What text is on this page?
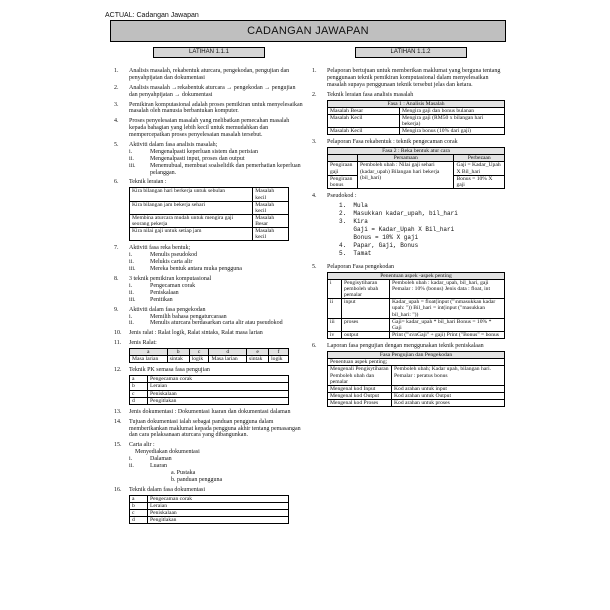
ACTUAL: Cadangan Jawapan
CADANGAN JAWAPAN
LATIHAN 1.1.1
1.	Analisis masalah, rekabentuk aturcara, pengekodan, pengujian dan penyahpijatan dan dokumentasi
2.	Analisis masalah →rekabentuk aturcara → pengekodan → pengujian dan penyahpijatan → dokumentasi
3.	Pemikiran komputasional adalah proses pemikiran untuk menyelesaikan masalah oleh manusia berbantukan komputer.
4.	Proses penyelesaian masalah yang melibatkan pemecahan masalah kepada bahagian yang lebih kecil untuk memudahkan dan mempercepatkan proses penyelesaian masalah tersebut.
5.	Aktiviti dalam fasa analisis masalah;
i.	Mengenalpasti keperluan sistem dan perisian
ii.	Mengenalpasti input, proses dan output
iii.	Menemubual, membuat soalselidik dan pemerhatian keperluan pelanggan.
6.	Teknik leraian :
Kira bilangan hari berkerja untuk sebulan	Masalah kecil
Kira bilangan jam bekerja sehari	Masalah kecil
Membina aturcara mudah untuk mengira gaji seorang pekerja	Masalah Besar
Kira nilai gaji untuk setiap jam	Masalah kecil
7.	Aktiviti fasa reka bentuk;
i.	Menulis pseudokod
ii.	Melukis carta alir
iii.	Mereka bentuk antara muka pengguna
8.	3 teknik pemikiran komputasional
i.	Pengecaman corak
ii.	Peniskalaan
iii.	Penitikan
9.	Aktiviti dalam fasa pengekodan
i.	Memilih bahasa pengaturcaraan
ii.	Menulis aturcara berdasarkan carta alir atau pseudokod
10.	Jenis ralat : Ralat logik, Ralat sintaks, Ralat masa larian
11.	Jenis Ralat:
a	b	c	d	e	f
Masa larian	sintak	logik	Masa larian	sintak	logik
12.	Teknik PK semasa fasa pengujian
a	Pengecaman corak
b	Leraian
c	Peniskalaan
d	Pengitlakan
13.	Jenis dokumentasi : Dokumentasi luaran dan dokumentasi dalaman
14.	Tujuan dokumentasi ialah sebagai panduan pengguna dalam memberikankan maklumat kepada pengguna akhir tentang pemasangan dan cara pelaksanaan aturcara yang dibangunkan.
15.	Carta alir :
Menyediakan dokumentasi
i.	Dalaman
ii.	Luaran
a. Pustaka
b. panduan pengguna
16.	Teknik dalam fasa dokumentasi
a	Pengecaman corak
b	Leraian
c	Peniskalaan
d	Pengitlakan
LATIHAN 1.1.2
1.	Pelaporan bertujuan untuk memberikan maklumat yang berguna tentang penggunaan teknik pemikiran komputasional dalam menyelesaikan masalah supaya penggunaan teknik tersebut jelas dan ketara.
2.	Teknik leraian fasa analisis masalah
Fasa 1 : Analisis Masalah	
Masalah Besar	Mengira gaji dan bonus bulanan
Masalah Kecil	Mengira gaji (RM50 x bilangan hari bekerja)
Masalah Kecil	Mengira bonus (10% dari gaji)
3.	Pelaporan Fasa rekabentuk : teknik pengecaman corak
Fasa 2 : Reka bentuk atur cara		
	Persamaan	Perbezaan
Pengiraan gaji	Pemboleh ubah : Nilai gaji sehari (kadar_upah) Bilangan hari bekerja (bil_hari)	Gaji = Kadar_Upah X Bil_hari
Pengiraan bonus		Bonus = 10% X gaji
4.	Pseudokod :
1.  Mula
2.  Masukkan kadar_upah, bil_hari
3.  Kira
Gaji = Kadar_Upah X Bil_hari
Bonus = 10% X gaji
4.  Papar, Gaji, Bonus
5.  Tamat
5.	Pelaporan Fasa pengekodan
Penentuan aspek -aspek penting		
i	Pengisytiharan pemboleh ubah pemalar	Pemboleh ubah : kadar_upah, bil_hari, gaji Pemalar : 10% (bonus) Jenis data : float, int
ii	input	Kadar_upah = float(input ("\nmasukkan kadar upah: ")) Bil_hari = int(input ("masukkan bil_hari: "))
iii	proses	Gaji= kadar_upah * bil_hari Bonus = 10% * Gaji
iv	output	Print ("\n\nGaji" + gaji) Print ("Bonus" = bonus
6.	Laporan fasa pengujian dengan menggunakan teknik peniskalaan
Fasa Pengujian dan Pengekodan	
Penentuan aspek penting;	
Mengenali Pengisytiharan Pemboleh ubah dan pemalar	Pemboleh ubah; Kadar upah, bilangan hari. Pemalar : peratus bonus
Mengenal kod Input	Kod arahan untuk input
Mengenal kod Output	Kod arahan untuk Output
Mengenal kod Proses	Kod arahan untuk proses
